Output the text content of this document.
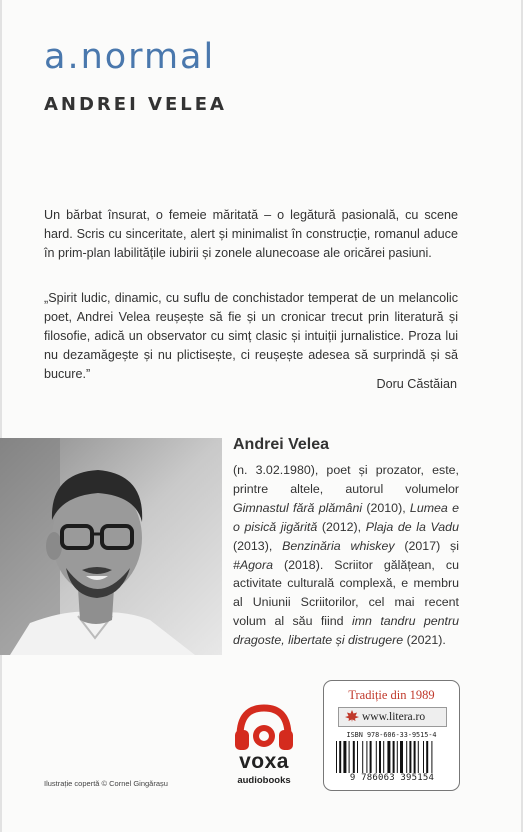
a.normal
ANDREI VELEA
Un bărbat însurat, o femeie măritată – o legătură pasională, cu scene hard. Scris cu sinceritate, alert și minimalist în construcție, romanul aduce în prim-plan labilitățile iubirii și zonele alunecoase ale oricărei pasiuni.
„Spirit ludic, dinamic, cu suflu de conchistador temperat de un melancolic poet, Andrei Velea reușește să fie și un cronicar trecut prin literatură și filosofie, adică un observator cu simț clasic și intuiții jurnalistice. Proza lui nu dezamăgește și nu plictisește, ci reușește adesea să surprindă și să bucure.”
Doru Căstăian
Andrei Velea
(n. 3.02.1980), poet și prozator, este, printre altele, autorul volumelor Gimnastul fără plămâni (2010), Lumea e o pisică jigărită (2012), Plaja de la Vadu (2013), Benzinăria whiskey (2017) și #Agora (2018). Scriitor gălățean, cu activitate culturală complexă, e membru al Uniunii Scriitorilor, cel mai recent volum al său fiind imn tandru pentru dragoste, libertate și distrugere (2021).
voxa
audiobooks
Tradiție din 1989
www.litera.ro
ISBN 978-606-33-9515-4
9 786063 395154
Ilustrație copertă © Cornel Gingărașu
